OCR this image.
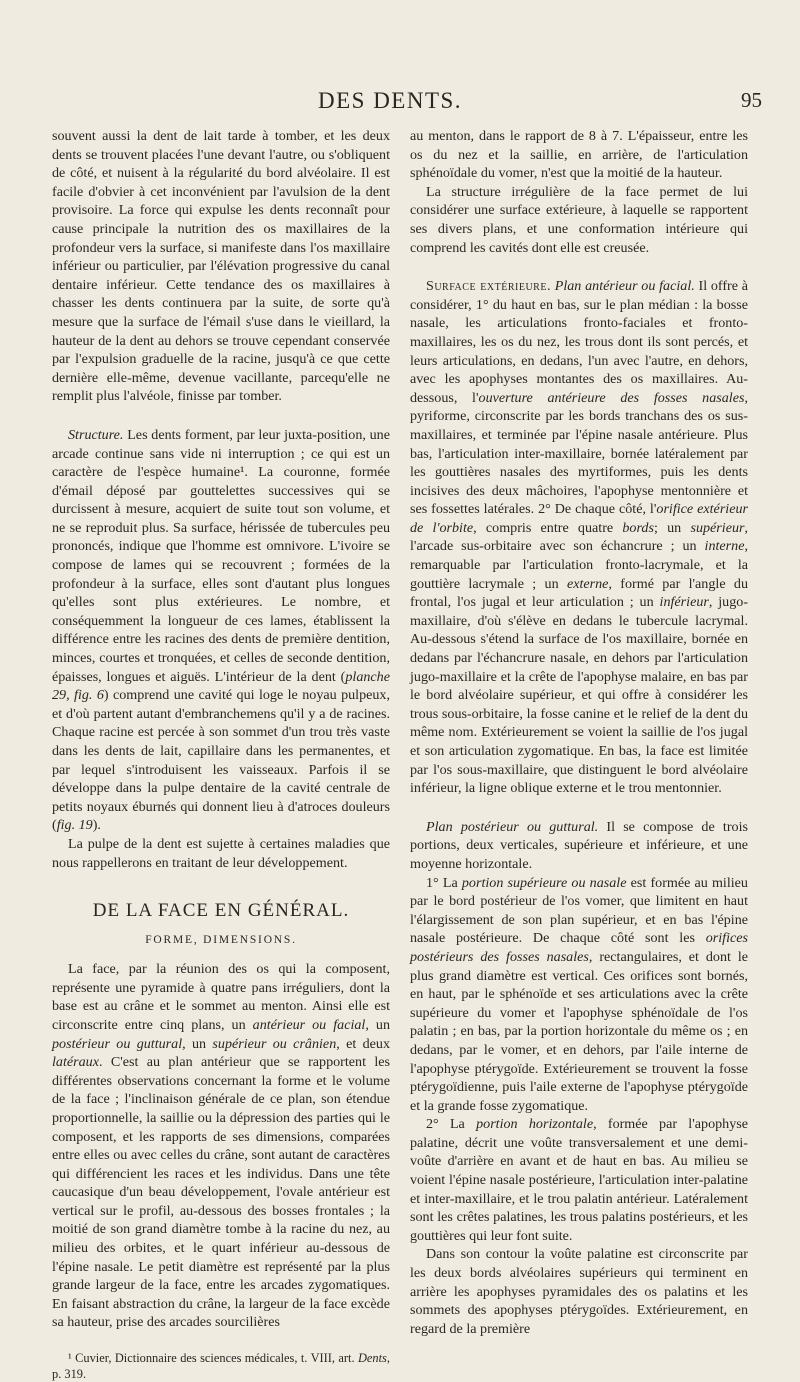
DES DENTS.	95

souvent aussi la dent de lait tarde à tomber, et les deux dents se trouvent placées l'une devant l'autre, ou s'obliquent de côté, et nuisent à la régularité du bord alvéolaire. Il est facile d'obvier à cet inconvénient par l'avulsion de la dent provisoire. La force qui expulse les dents reconnaît pour cause principale la nutrition des os maxillaires de la profondeur vers la surface, si manifeste dans l'os maxillaire inférieur ou particulier, par l'élévation progressive du canal dentaire inférieur. Cette tendance des os maxillaires à chasser les dents continuera par la suite, de sorte qu'à mesure que la surface de l'émail s'use dans le vieillard, la hauteur de la dent au dehors se trouve cependant conservée par l'expulsion graduelle de la racine, jusqu'à ce que cette dernière elle-même, devenue vacillante, parcequ'elle ne remplit plus l'alvéole, finisse par tomber.

Structure. Les dents forment, par leur juxta-position, une arcade continue sans vide ni interruption ; ce qui est un caractère de l'espèce humaine¹. La couronne, formée d'émail déposé par gouttelettes successives qui se durcissent à mesure, acquiert de suite tout son volume, et ne se reproduit plus. Sa surface, hérissée de tubercules peu prononcés, indique que l'homme est omnivore. L'ivoire se compose de lames qui se recouvrent ; formées de la profondeur à la surface, elles sont d'autant plus longues qu'elles sont plus extérieures. Le nombre, et conséquemment la longueur de ces lames, établissent la différence entre les racines des dents de première dentition, minces, courtes et tronquées, et celles de seconde dentition, épaisses, longues et aiguës. L'intérieur de la dent (planche 29, fig. 6) comprend une cavité qui loge le noyau pulpeux, et d'où partent autant d'embranchemens qu'il y a de racines. Chaque racine est percée à son sommet d'un trou très vaste dans les dents de lait, capillaire dans les permanentes, et par lequel s'introduisent les vaisseaux. Parfois il se développe dans la pulpe dentaire de la cavité centrale de petits noyaux éburnés qui donnent lieu à d'atroces douleurs (fig. 19).

La pulpe de la dent est sujette à certaines maladies que nous rappellerons en traitant de leur développement.

DE LA FACE EN GÉNÉRAL.
FORME, DIMENSIONS.

La face, par la réunion des os qui la composent, représente une pyramide à quatre pans irréguliers, dont la base est au crâne et le sommet au menton. Ainsi elle est circonscrite entre cinq plans, un antérieur ou facial, un postérieur ou guttural, un supérieur ou crânien, et deux latéraux. C'est au plan antérieur que se rapportent les différentes observations concernant la forme et le volume de la face ; l'inclinaison générale de ce plan, son étendue proportionnelle, la saillie ou la dépression des parties qui le composent, et les rapports de ses dimensions, comparées entre elles ou avec celles du crâne, sont autant de caractères qui différencient les races et les individus. Dans une tête caucasique d'un beau développement, l'ovale antérieur est vertical sur le profil, au-dessous des bosses frontales ; la moitié de son grand diamètre tombe à la racine du nez, au milieu des orbites, et le quart inférieur au-dessous de l'épine nasale. Le petit diamètre est représenté par la plus grande largeur de la face, entre les arcades zygomatiques. En faisant abstraction du crâne, la largeur de la face excède sa hauteur, prise des arcades sourcilières

¹ Cuvier, Dictionnaire des sciences médicales, t. VIII, art. Dents, p. 319.

au menton, dans le rapport de 8 à 7. L'épaisseur, entre les os du nez et la saillie, en arrière, de l'articulation sphénoïdale du vomer, n'est que la moitié de la hauteur.

La structure irrégulière de la face permet de lui considérer une surface extérieure, à laquelle se rapportent ses divers plans, et une conformation intérieure qui comprend les cavités dont elle est creusée.

Surface extérieure. Plan antérieur ou facial. Il offre à considérer, 1° du haut en bas, sur le plan médian : la bosse nasale, les articulations fronto-faciales et fronto-maxillaires, les os du nez, les trous dont ils sont percés, et leurs articulations, en dedans, l'un avec l'autre, en dehors, avec les apophyses montantes des os maxillaires. Au-dessous, l'ouverture antérieure des fosses nasales, pyriforme, circonscrite par les bords tranchans des os sus-maxillaires, et terminée par l'épine nasale antérieure. Plus bas, l'articulation inter-maxillaire, bornée latéralement par les gouttières nasales des myrtiformes, puis les dents incisives des deux mâchoires, l'apophyse mentonnière et ses fossettes latérales. 2° De chaque côté, l'orifice extérieur de l'orbite, compris entre quatre bords; un supérieur, l'arcade sus-orbitaire avec son échancrure ; un interne, remarquable par l'articulation fronto-lacrymale, et la gouttière lacrymale ; un externe, formé par l'angle du frontal, l'os jugal et leur articulation ; un inférieur, jugo-maxillaire, d'où s'élève en dedans le tubercule lacrymal. Au-dessous s'étend la surface de l'os maxillaire, bornée en dedans par l'échancrure nasale, en dehors par l'articulation jugo-maxillaire et la crête de l'apophyse malaire, en bas par le bord alvéolaire supérieur, et qui offre à considérer les trous sous-orbitaire, la fosse canine et le relief de la dent du même nom. Extérieurement se voient la saillie de l'os jugal et son articulation zygomatique. En bas, la face est limitée par l'os sous-maxillaire, que distinguent le bord alvéolaire inférieur, la ligne oblique externe et le trou mentonnier.

Plan postérieur ou guttural. Il se compose de trois portions, deux verticales, supérieure et inférieure, et une moyenne horizontale.

1° La portion supérieure ou nasale est formée au milieu par le bord postérieur de l'os vomer, que limitent en haut l'élargissement de son plan supérieur, et en bas l'épine nasale postérieure. De chaque côté sont les orifices postérieurs des fosses nasales, rectangulaires, et dont le plus grand diamètre est vertical. Ces orifices sont bornés, en haut, par le sphénoïde et ses articulations avec la crête supérieure du vomer et l'apophyse sphénoïdale de l'os palatin ; en bas, par la portion horizontale du même os ; en dedans, par le vomer, et en dehors, par l'aile interne de l'apophyse ptérygoïde. Extérieurement se trouvent la fosse ptérygoïdienne, puis l'aile externe de l'apophyse ptérygoïde et la grande fosse zygomatique.

2° La portion horizontale, formée par l'apophyse palatine, décrit une voûte transversalement et une demi-voûte d'arrière en avant et de haut en bas. Au milieu se voient l'épine nasale postérieure, l'articulation inter-palatine et inter-maxillaire, et le trou palatin antérieur. Latéralement sont les crêtes palatines, les trous palatins postérieurs, et les gouttières qui leur font suite.

Dans son contour la voûte palatine est circonscrite par les deux bords alvéolaires supérieurs qui terminent en arrière les apophyses pyramidales des os palatins et les sommets des apophyses ptérygoïdes. Extérieurement, en regard de la première
